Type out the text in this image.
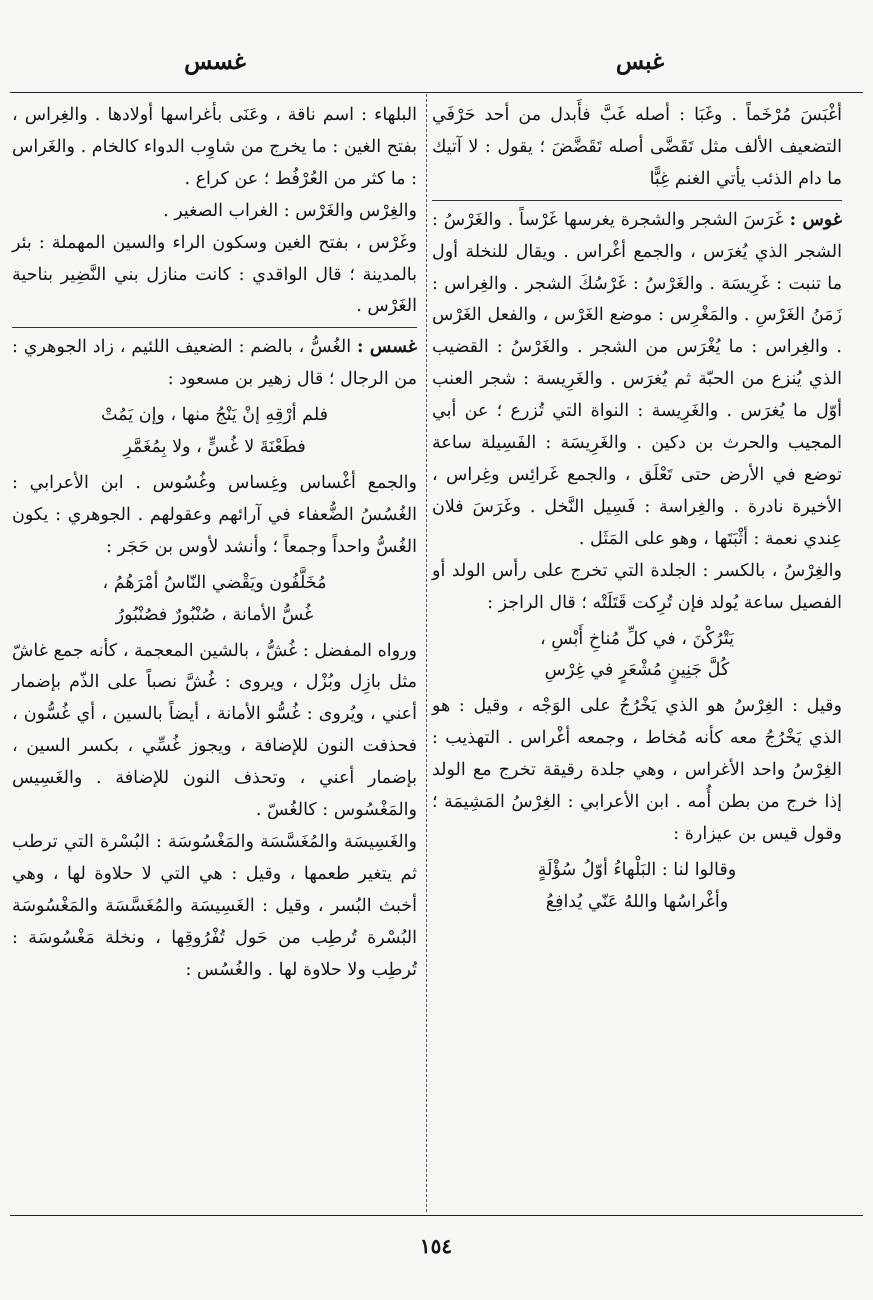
غبس
غسس

أغْبَسَ مُرْخَماً . وغَبَا : أصله غَبَّ فأَبدل من أحد حَرْفَي التضعيف الألف مثل تَقَضَّى أصله تَقَضَّضَ ؛ يقول : لا آتيك ما دام الذئب يأتي الغنم غِبًّا

غوس : غَرَسَ الشجر والشجرة يغرسها غَرْساً . والغَرْسُ : الشجر الذي يُغرَس ، والجمع أغْراس . ويقال للنخلة أول ما تنبت : غَرِيسَة . والغَرْسُ : غَرْسُكَ الشجر . والغِراس : زَمَنُ الغَرْسِ . والمَغْرِس : موضع الغَرْس ، والفعل الغَرْس . والغِراس : ما يُغْرَس من الشجر . والغَرْسُ : القضيب الذي يُنزع من الحبّة ثم يُغرَس . والغَرِيسة : شجر العنب أوّل ما يُغرَس . والغَرِيسة : النواة التي تُزرع ؛ عن أبي المجيب والحرث بن دكين . والغَرِيسَة : الفَسِيلة ساعة توضع في الأرض حتى تَعْلَق ، والجمع غَرائِس وغِراس ، الأخيرة نادرة . والغِراسة : فَسِيل النَّخل . وغَرَسَ فلان عِندي نعمة : أثْبَتَها ، وهو على المَثَل .

والغِرْسُ ، بالكسر : الجلدة التي تخرج على رأس الولد أو الفصيل ساعة يُولد فإن تُرِكت قَتَلَتْه ؛ قال الراجز :

يَتْرُكْنَ ، في كلِّ مُناخِ أَبْسِ ،
كُلَّ جَنِينٍ مُشْعَرٍ في غِرْسِ

وقيل : الغِرْسُ هو الذي يَخْرُجُ على الوَجْه ، وقيل : هو الذي يَخْرُجُ معه كأنه مُخاط ، وجمعه أغْراس . التهذيب : الغِرْسُ واحد الأغراس ، وهي جلدة رقيقة تخرج مع الولد إذا خرج من بطن أُمه . ابن الأعرابي : الغِرْسُ المَشِيمَة ؛ وقول قيس بن عيزارة :

وقالوا لنا : البَلْهاءُ أوّلُ سُؤْلَةٍ
وأغْراسُها واللهُ عَنّي يُدافِعُ

البلهاء : اسم ناقة ، وعَنَى بأغراسها أولادها . والغِراس ، بفتح الغين : ما يخرج من شاوِب الدواء كالخام . والغَراس : ما كثر من العُرْفُط ؛ عن كراع .

والغِرْس والغَرْس : الغراب الصغير .

وغَرْس ، بفتح الغين وسكون الراء والسين المهملة : بئر بالمدينة ؛ قال الواقدي : كانت منازل بني النَّضِير بناحية الغَرْس .

غسس : الغُسُّ ، بالضم : الضعيف اللئيم ، زاد الجوهري : من الرجال ؛ قال زهير بن مسعود :

فلم أرْقِهِ إنْ يَنْجُ منها ، وإن يَمُتْ
فطَعْنَةَ لا غُسٍّ ، ولا بِمُغَمَّرِ

والجمع أغْساس وغِساس وغُسُوس . ابن الأعرابي : الغُسُسُ الضُّعفاء في آرائهم وعقولهم . الجوهري : يكون الغُسُّ واحداً وجمعاً ؛ وأنشد لأوس بن حَجَر :

مُخَلَّفُون ويَقْضي النّاسُ أمْرَهُمُ ،
غُسُّ الأمانة ، صُنْبُورٌ فصُنْبُورُ

ورواه المفضل : غُشُّ ، بالشين المعجمة ، كأنه جمع غاشّ مثل بازِل وبُزْل ، ويروى : غُشَّ نصباً على الذّم بإضمار أعني ، ويُروى : غُسُّو الأمانة ، أيضاً بالسين ، أي غُسُّون ، فحذفت النون للإضافة ، ويجوز غُسِّي ، بكسر السين ، بإضمار أعني ، وتحذف النون للإضافة . والغَسِيس والمَغْسُوس : كالغُسّ .

والغَسِيسَة والمُغَسَّسَة والمَغْسُوسَة : البُسْرة التي ترطب ثم يتغير طعمها ، وقيل : هي التي لا حلاوة لها ، وهي أخبث البُسر ، وقيل : الغَسِيسَة والمُغَسَّسَة والمَغْسُوسَة البُسْرة تُرطِب من حَول تُفْرُوقِها ، ونخلة مَغْسُوسَة : تُرطِب ولا حلاوة لها . والغُسُس :

١٥٤
